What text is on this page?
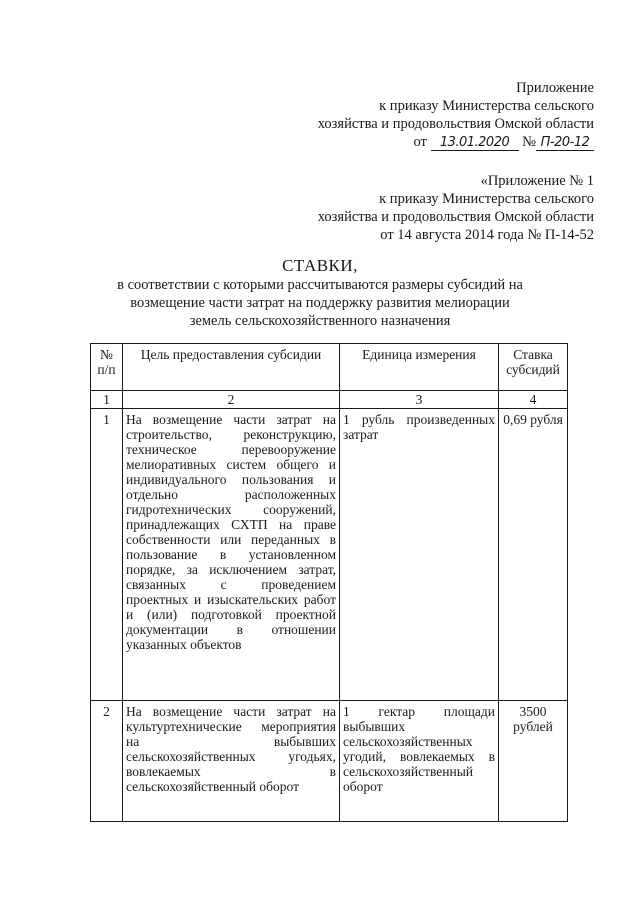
Приложение
к приказу Министерства сельского
хозяйства и продовольствия Омской области
от 13.01.2020 № П-20-12
«Приложение № 1
к приказу Министерства сельского
хозяйства и продовольствия Омской области
от 14 августа 2014 года № П-14-52
СТАВКИ,
в соответствии с которыми рассчитываются размеры субсидий на
возмещение части затрат на поддержку развития мелиорации
земель сельскохозяйственного назначения
№ п/п	Цель предоставления субсидии	Единица измерения	Ставка субсидий
1	2	3	4
1	На возмещение части затрат на строительство, реконструкцию, техническое перевооружение мелиоративных систем общего и индивидуального пользования и отдельно расположенных гидротехнических сооружений, принадлежащих СХТП на праве собственности или переданных в пользование в установленном порядке, за исключением затрат, связанных с проведением проектных и изыскательских работ и (или) подготовкой проектной документации в отношении указанных объектов	1 рубль произведенных затрат	0,69 рубля
2	На возмещение части затрат на культуртехнические мероприятия на выбывших сельскохозяйственных угодьях, вовлекаемых в сельскохозяйственный оборот	1 гектар площади выбывших сельскохозяйственных угодий, вовлекаемых в сельскохозяйственный оборот	3500 рублей
